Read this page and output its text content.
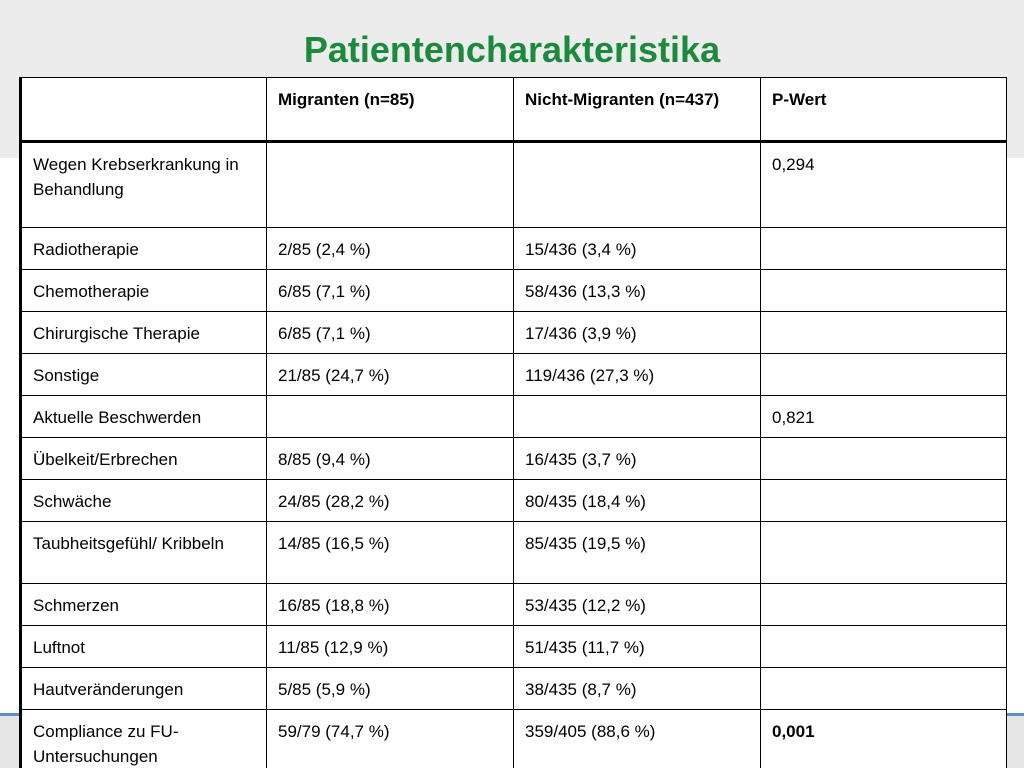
Patientencharakteristika
	Migranten (n=85)	Nicht-Migranten (n=437)	P-Wert
Wegen Krebserkrankung in Behandlung			0,294
Radiotherapie	2/85 (2,4 %)	15/436 (3,4 %)	
Chemotherapie	6/85 (7,1 %)	58/436 (13,3 %)	
Chirurgische Therapie	6/85 (7,1 %)	17/436 (3,9 %)	
Sonstige	21/85 (24,7 %)	119/436 (27,3 %)	
Aktuelle Beschwerden			0,821
Übelkeit/Erbrechen	8/85 (9,4 %)	16/435 (3,7 %)	
Schwäche	24/85 (28,2 %)	80/435 (18,4 %)	
Taubheitsgefühl/ Kribbeln	14/85 (16,5 %)	85/435 (19,5 %)	
Schmerzen	16/85 (18,8 %)	53/435 (12,2 %)	
Luftnot	11/85 (12,9 %)	51/435 (11,7 %)	
Hautveränderungen	5/85 (5,9 %)	38/435 (8,7 %)	
Compliance zu FU-Untersuchungen	59/79 (74,7 %)	359/405 (88,6 %)	0,001
